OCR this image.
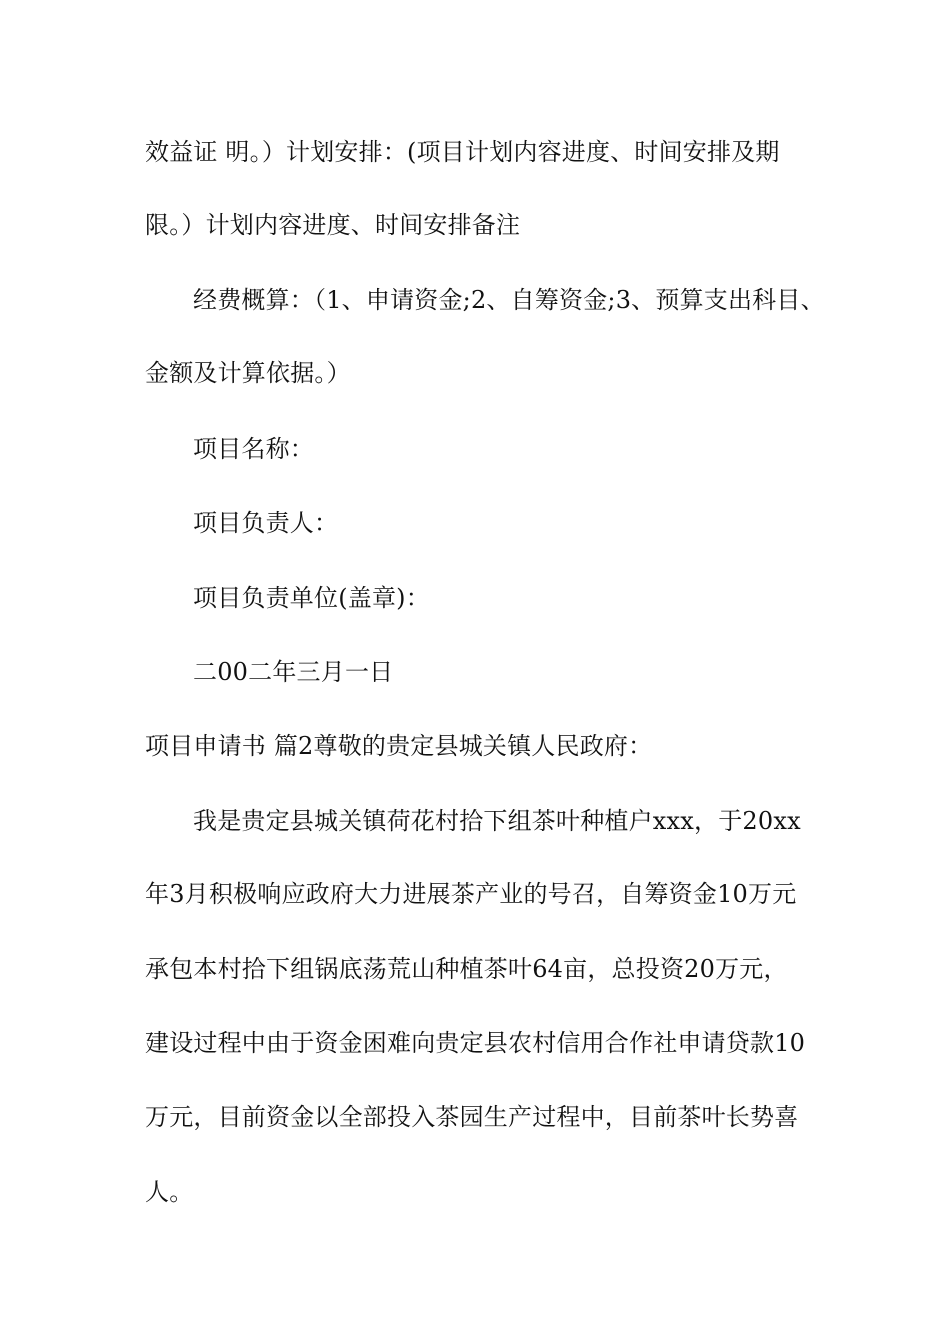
效益证 明。）计划安排：(项目计划内容进度、时间安排及期
限。）计划内容进度、时间安排备注
经费概算：（1、申请资金;2、自筹资金;3、预算支出科目、
金额及计算依据。）
项目名称：
项目负责人：
项目负责单位(盖章)：
二00二年三月一日
项目申请书 篇2尊敬的贵定县城关镇人民政府：
我是贵定县城关镇荷花村拾下组茶叶种植户xxx，于20xx
年3月积极响应政府大力进展茶产业的号召，自筹资金10万元
承包本村拾下组锅底荡荒山种植茶叶64亩，总投资20万元，
建设过程中由于资金困难向贵定县农村信用合作社申请贷款10
万元，目前资金以全部投入茶园生产过程中，目前茶叶长势喜
人。
